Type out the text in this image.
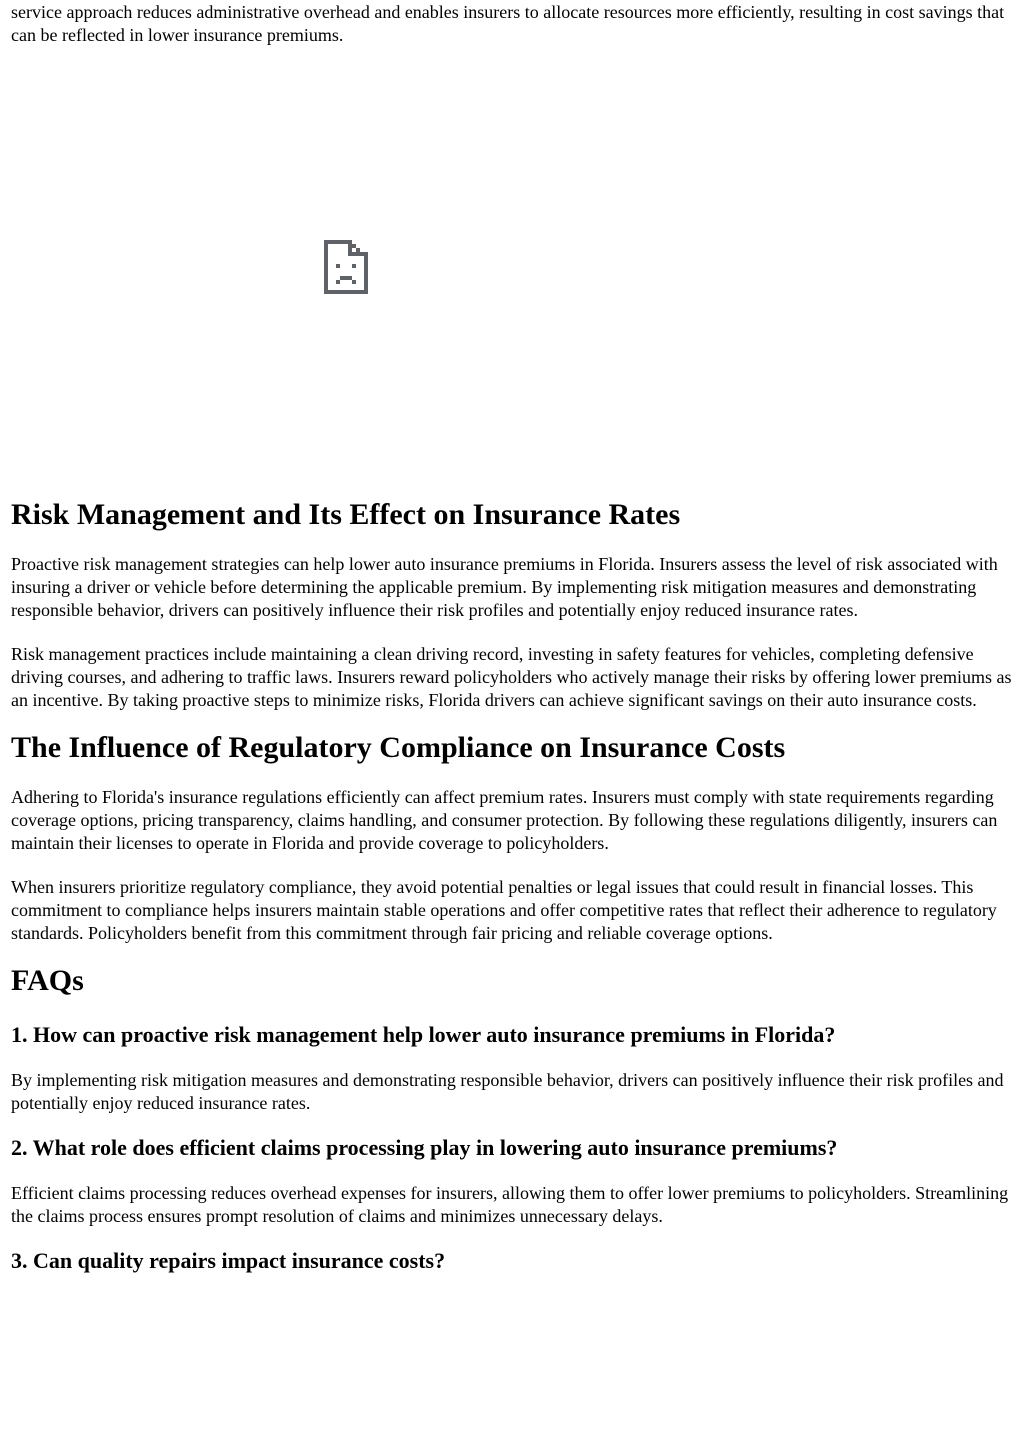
service approach reduces administrative overhead and enables insurers to allocate resources more efficiently, resulting in cost savings that can be reflected in lower insurance premiums.

Risk Management and Its Effect on Insurance Rates

Proactive risk management strategies can help lower auto insurance premiums in Florida. Insurers assess the level of risk associated with insuring a driver or vehicle before determining the applicable premium. By implementing risk mitigation measures and demonstrating responsible behavior, drivers can positively influence their risk profiles and potentially enjoy reduced insurance rates.

Risk management practices include maintaining a clean driving record, investing in safety features for vehicles, completing defensive driving courses, and adhering to traffic laws. Insurers reward policyholders who actively manage their risks by offering lower premiums as an incentive. By taking proactive steps to minimize risks, Florida drivers can achieve significant savings on their auto insurance costs.

The Influence of Regulatory Compliance on Insurance Costs

Adhering to Florida's insurance regulations efficiently can affect premium rates. Insurers must comply with state requirements regarding coverage options, pricing transparency, claims handling, and consumer protection. By following these regulations diligently, insurers can maintain their licenses to operate in Florida and provide coverage to policyholders.

When insurers prioritize regulatory compliance, they avoid potential penalties or legal issues that could result in financial losses. This commitment to compliance helps insurers maintain stable operations and offer competitive rates that reflect their adherence to regulatory standards. Policyholders benefit from this commitment through fair pricing and reliable coverage options.

FAQs
1. How can proactive risk management help lower auto insurance premiums in Florida?

By implementing risk mitigation measures and demonstrating responsible behavior, drivers can positively influence their risk profiles and potentially enjoy reduced insurance rates.

2. What role does efficient claims processing play in lowering auto insurance premiums?

Efficient claims processing reduces overhead expenses for insurers, allowing them to offer lower premiums to policyholders. Streamlining the claims process ensures prompt resolution of claims and minimizes unnecessary delays.

3. Can quality repairs impact insurance costs?
